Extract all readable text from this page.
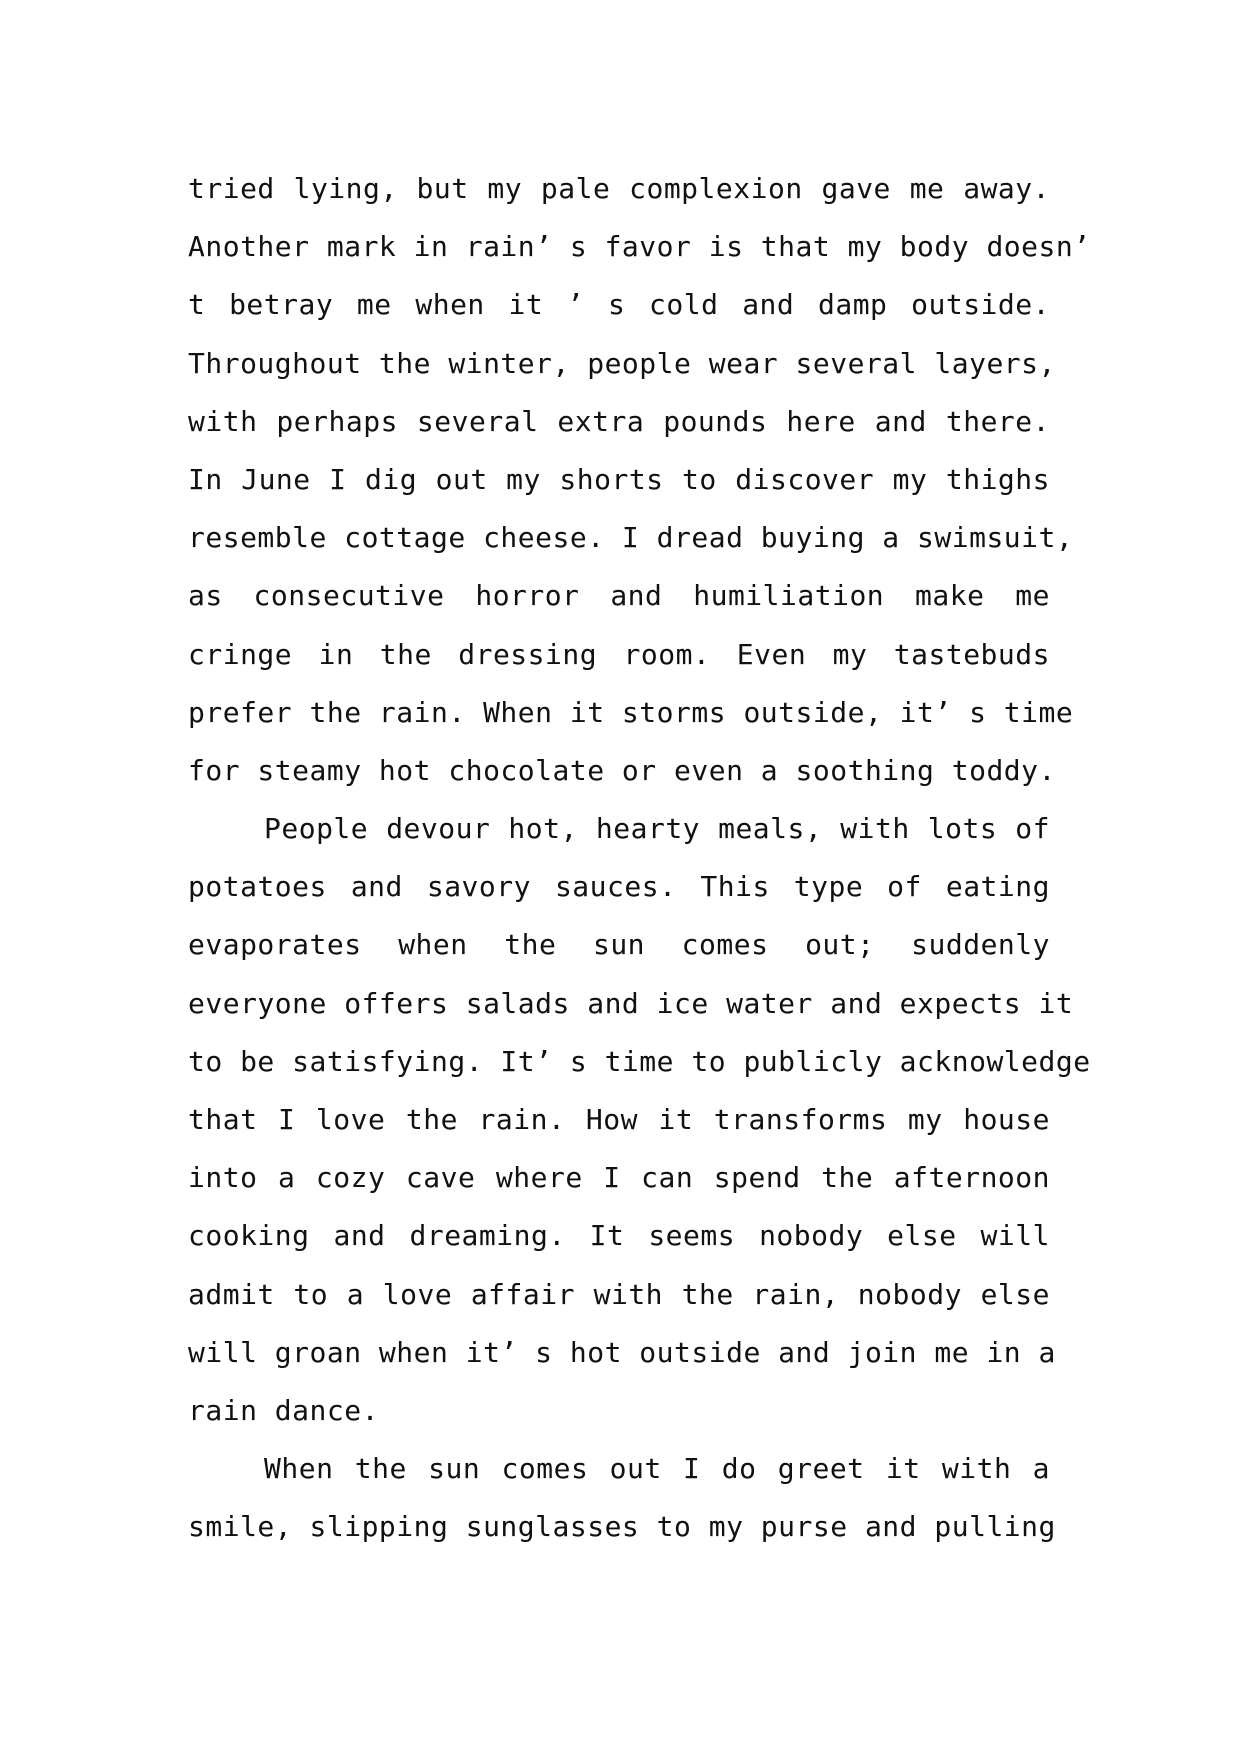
tried lying, but my pale complexion gave me away.
Another mark in rain’ s favor is that my body doesn’
t betray me when it ’ s cold and damp outside.
Throughout the winter, people wear several layers,
with perhaps several extra pounds here and there.
In June I dig out my shorts to discover my thighs
resemble cottage cheese. I dread buying a swimsuit,
as consecutive horror and humiliation make me
cringe in the dressing room. Even my tastebuds
prefer the rain. When it storms outside, it’ s time
for steamy hot chocolate or even a soothing toddy.
People devour hot, hearty meals, with lots of
potatoes and savory sauces. This type of eating
evaporates when the sun comes out; suddenly
everyone offers salads and ice water and expects it
to be satisfying. It’ s time to publicly acknowledge
that I love the rain. How it transforms my house
into a cozy cave where I can spend the afternoon
cooking and dreaming. It seems nobody else will
admit to a love affair with the rain, nobody else
will groan when it’ s hot outside and join me in a
rain dance.
When the sun comes out I do greet it with a
smile, slipping sunglasses to my purse and pulling
